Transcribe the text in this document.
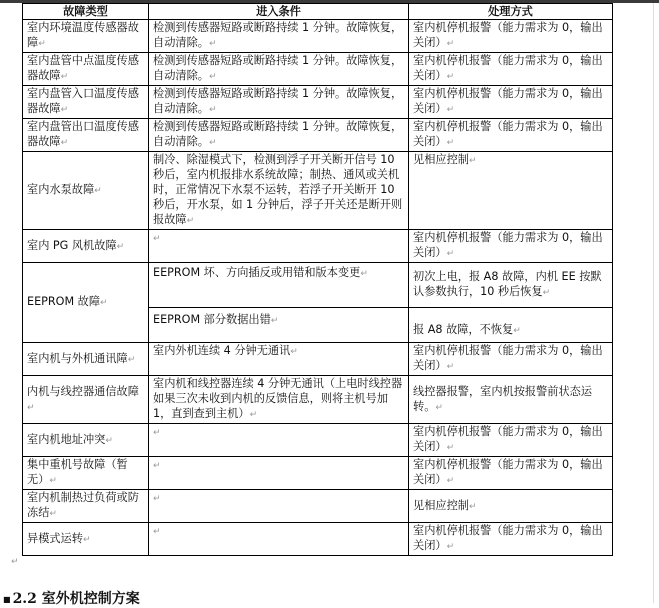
故障类型	进入条件	处理方式
室内环境温度传感器故障↵	检测到传感器短路或断路持续 1 分钟。故障恢复，自动清除。↵	室内机停机报警（能力需求为 0，输出关闭）↵
室内盘管中点温度传感器故障↵	检测到传感器短路或断路持续 1 分钟。故障恢复，自动清除。↵	室内机停机报警（能力需求为 0，输出关闭）↵
室内盘管入口温度传感器故障↵	检测到传感器短路或断路持续 1 分钟。故障恢复，自动清除。↵	室内机停机报警（能力需求为 0，输出关闭）↵
室内盘管出口温度传感器故障↵	检测到传感器短路或断路持续 1 分钟。故障恢复，自动清除。↵	室内机停机报警（能力需求为 0，输出关闭）↵
室内水泵故障↵	制冷、除湿模式下，检测到浮子开关断开信号 10 秒后，室内机报排水系统故障；制热、通风或关机时，正常情况下水泵不运转，若浮子开关断开 10 秒后，开水泵，如 1 分钟后，浮子开关还是断开则报故障↵	见相应控制↵
室内 PG 风机故障↵	↵	室内机停机报警（能力需求为 0，输出关闭）↵
EEPROM 故障↵	EEPROM 坏、方向插反或用错和版本变更↵	初次上电，报 A8 故障，内机 EE 按默认参数执行，10 秒后恢复↵
	EEPROM 部分数据出错↵	报 A8 故障，不恢复↵
室内机与外机通讯障↵	室内外机连续 4 分钟无通讯↵	室内机停机报警（能力需求为 0，输出关闭）↵
内机与线控器通信故障↵	室内机和线控器连续 4 分钟无通讯（上电时线控器如果三次未收到内机的反馈信息，则将主机号加 1，直到查到主机）↵	线控器报警，室内机按报警前状态运转。↵
室内机地址冲突↵	↵	室内机停机报警（能力需求为 0，输出关闭）↵
集中重机号故障（暂无）↵	↵	室内机停机报警（能力需求为 0，输出关闭）↵
室内机制热过负荷或防冻结↵	↵	见相应控制↵
异模式运转↵	↵	室内机停机报警（能力需求为 0，输出关闭）↵
↵
■ 2.2 室外机控制方案
